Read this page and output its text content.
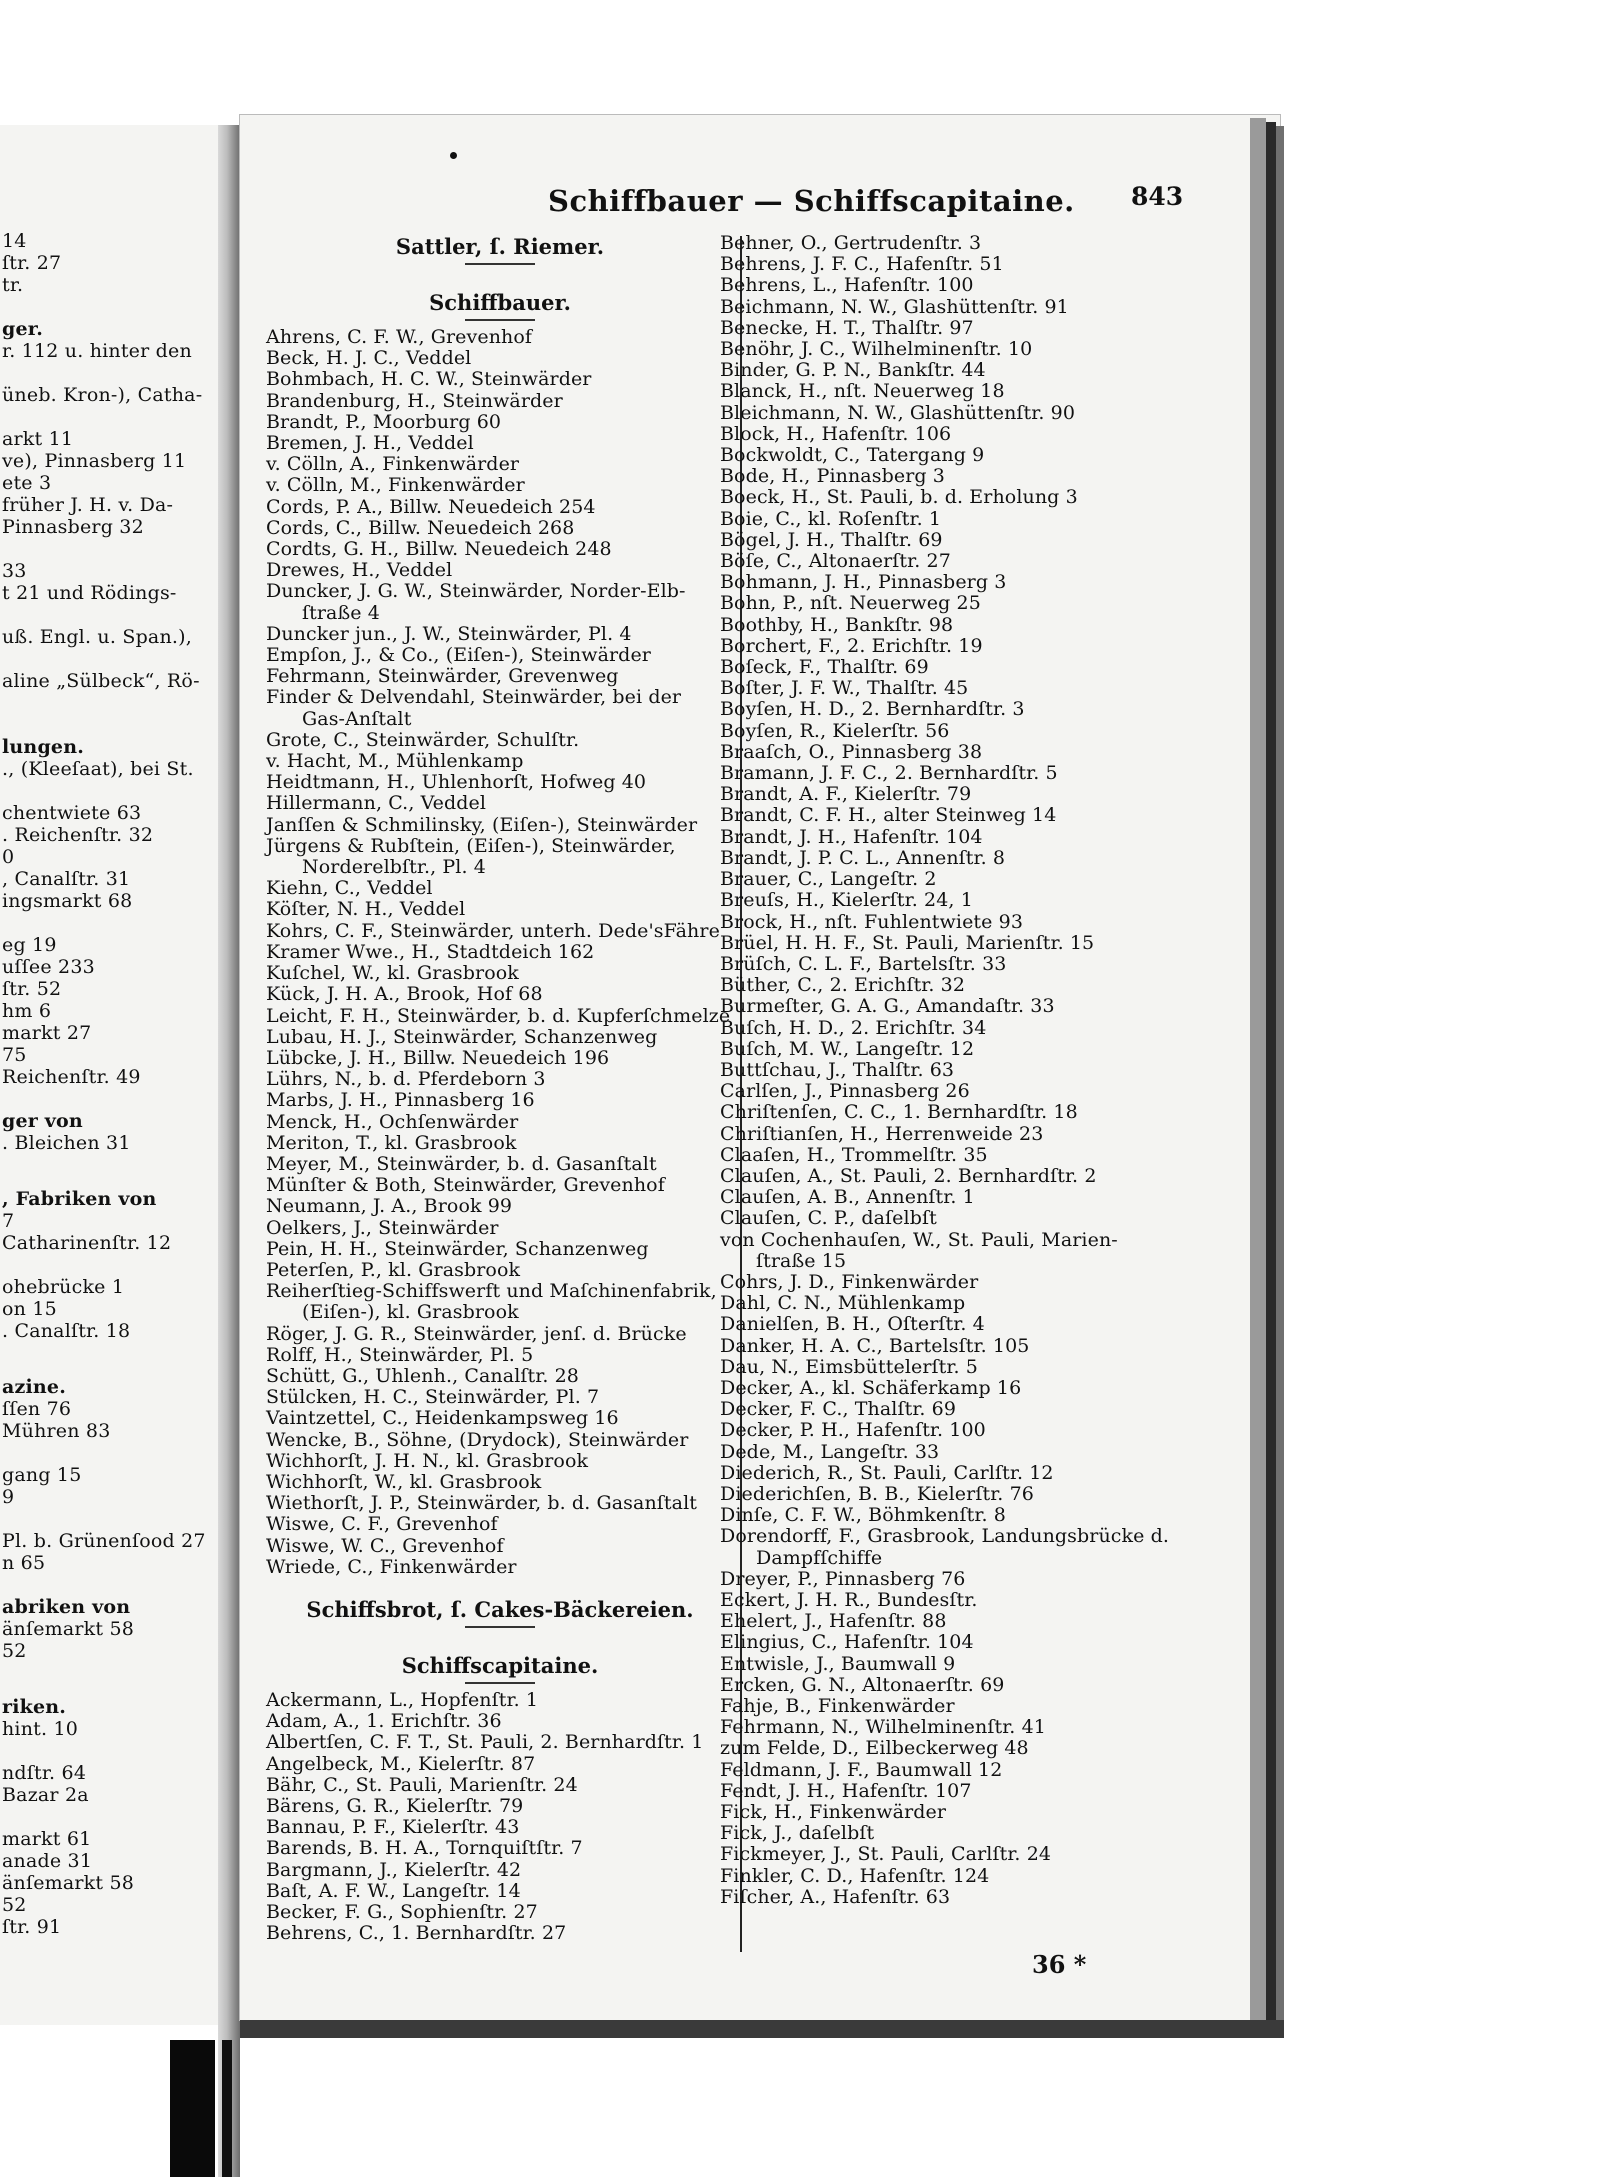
14
ſtr. 27
tr.
ger.
r. 112 u. hinter den
üneb. Kron-), Catha-
arkt 11
ve), Pinnasberg 11
ete 3
früher J. H. v. Da-
Pinnasberg 32
33
t 21 und Rödings-
uß. Engl. u. Span.),
aline „Sülbeck“, Rö-
lungen.
., (Kleeſaat), bei St.
chentwiete 63
. Reichenſtr. 32
0
, Canalſtr. 31
ingsmarkt 68
eg 19
uſſee 233
ſtr. 52
hm 6
markt 27
75
Reichenſtr. 49
ger von
. Bleichen 31
, Fabriken von
7
Catharinenſtr. 12
ohebrücke 1
on 15
. Canalſtr. 18
azine.
ſſen 76
Mühren 83
gang 15
9
Pl. b. Grünenſood 27
n 65
abriken von
änſemarkt 58
52
riken.
hint. 10
ndſtr. 64
Bazar 2a
markt 61
anade 31
änſemarkt 58
52
ſtr. 91
Schiffbauer — Schiffscapitaine. 843
Sattler, ſ. Riemer.
Schiffbauer.
Ahrens, C. F. W., Grevenhof
Beck, H. J. C., Veddel
Bohmbach, H. C. W., Steinwärder
Brandenburg, H., Steinwärder
Brandt, P., Moorburg 60
Bremen, J. H., Veddel
v. Cölln, A., Finkenwärder
v. Cölln, M., Finkenwärder
Cords, P. A., Billw. Neuedeich 254
Cords, C., Billw. Neuedeich 268
Cordts, G. H., Billw. Neuedeich 248
Drewes, H., Veddel
Duncker, J. G. W., Steinwärder, Norder-Elb-
ſtraße 4
Duncker jun., J. W., Steinwärder, Pl. 4
Empſon, J., & Co., (Eiſen-), Steinwärder
Fehrmann, Steinwärder, Grevenweg
Finder & Delvendahl, Steinwärder, bei der
Gas-Anſtalt
Grote, C., Steinwärder, Schulſtr.
v. Hacht, M., Mühlenkamp
Heidtmann, H., Uhlenhorſt, Hofweg 40
Hillermann, C., Veddel
Janſſen & Schmilinsky, (Eiſen-), Steinwärder
Jürgens & Rubſtein, (Eiſen-), Steinwärder,
Norderelbſtr., Pl. 4
Kiehn, C., Veddel
Köſter, N. H., Veddel
Kohrs, C. F., Steinwärder, unterh. Dede'sFähre
Kramer Wwe., H., Stadtdeich 162
Kuſchel, W., kl. Grasbrook
Kück, J. H. A., Brook, Hof 68
Leicht, F. H., Steinwärder, b. d. Kupferſchmelze
Lubau, H. J., Steinwärder, Schanzenweg
Lübcke, J. H., Billw. Neuedeich 196
Lührs, N., b. d. Pferdeborn 3
Marbs, J. H., Pinnasberg 16
Menck, H., Ochſenwärder
Meriton, T., kl. Grasbrook
Meyer, M., Steinwärder, b. d. Gasanſtalt
Münſter & Both, Steinwärder, Grevenhof
Neumann, J. A., Brook 99
Oelkers, J., Steinwärder
Pein, H. H., Steinwärder, Schanzenweg
Peterſen, P., kl. Grasbrook
Reiherſtieg-Schiffswerft und Maſchinenfabrik,
(Eiſen-), kl. Grasbrook
Röger, J. G. R., Steinwärder, jenſ. d. Brücke
Rolff, H., Steinwärder, Pl. 5
Schütt, G., Uhlenh., Canalſtr. 28
Stülcken, H. C., Steinwärder, Pl. 7
Vaintzettel, C., Heidenkampsweg 16
Wencke, B., Söhne, (Drydock), Steinwärder
Wichhorſt, J. H. N., kl. Grasbrook
Wichhorſt, W., kl. Grasbrook
Wiethorſt, J. P., Steinwärder, b. d. Gasanſtalt
Wiswe, C. F., Grevenhof
Wiswe, W. C., Grevenhof
Wriede, C., Finkenwärder
Schiffsbrot, ſ. Cakes-Bäckereien.
Schiffscapitaine.
Ackermann, L., Hopfenſtr. 1
Adam, A., 1. Erichſtr. 36
Albertſen, C. F. T., St. Pauli, 2. Bernhardſtr. 1
Angelbeck, M., Kielerſtr. 87
Bähr, C., St. Pauli, Marienſtr. 24
Bärens, G. R., Kielerſtr. 79
Bannau, P. F., Kielerſtr. 43
Barends, B. H. A., Tornquiſtſtr. 7
Bargmann, J., Kielerſtr. 42
Baſt, A. F. W., Langeſtr. 14
Becker, F. G., Sophienſtr. 27
Behrens, C., 1. Bernhardſtr. 27
Behner, O., Gertrudenſtr. 3
Behrens, J. F. C., Hafenſtr. 51
Behrens, L., Hafenſtr. 100
Beichmann, N. W., Glashüttenſtr. 91
Benecke, H. T., Thalſtr. 97
Benöhr, J. C., Wilhelminenſtr. 10
Binder, G. P. N., Bankſtr. 44
Blanck, H., nſt. Neuerweg 18
Bleichmann, N. W., Glashüttenſtr. 90
Block, H., Hafenſtr. 106
Bockwoldt, C., Tatergang 9
Bode, H., Pinnasberg 3
Boeck, H., St. Pauli, b. d. Erholung 3
Boie, C., kl. Roſenſtr. 1
Bögel, J. H., Thalſtr. 69
Böſe, C., Altonaerſtr. 27
Bohmann, J. H., Pinnasberg 3
Bohn, P., nſt. Neuerweg 25
Boothby, H., Bankſtr. 98
Borchert, F., 2. Erichſtr. 19
Boſeck, F., Thalſtr. 69
Boſter, J. F. W., Thalſtr. 45
Boyſen, H. D., 2. Bernhardſtr. 3
Boyſen, R., Kielerſtr. 56
Braaſch, O., Pinnasberg 38
Bramann, J. F. C., 2. Bernhardſtr. 5
Brandt, A. F., Kielerſtr. 79
Brandt, C. F. H., alter Steinweg 14
Brandt, J. H., Hafenſtr. 104
Brandt, J. P. C. L., Annenſtr. 8
Brauer, C., Langeſtr. 2
Breuſs, H., Kielerſtr. 24, 1
Brock, H., nſt. Fuhlentwiete 93
Brüel, H. H. F., St. Pauli, Marienſtr. 15
Brüſch, C. L. F., Bartelsſtr. 33
Büther, C., 2. Erichſtr. 32
Burmeſter, G. A. G., Amandaſtr. 33
Buſch, H. D., 2. Erichſtr. 34
Buſch, M. W., Langeſtr. 12
Buttſchau, J., Thalſtr. 63
Carlſen, J., Pinnasberg 26
Chriſtenſen, C. C., 1. Bernhardſtr. 18
Chriſtianſen, H., Herrenweide 23
Claaſen, H., Trommelſtr. 35
Clauſen, A., St. Pauli, 2. Bernhardſtr. 2
Clauſen, A. B., Annenſtr. 1
Clauſen, C. P., daſelbſt
von Cochenhauſen, W., St. Pauli, Marien-
ſtraße 15
Cohrs, J. D., Finkenwärder
Dahl, C. N., Mühlenkamp
Danielſen, B. H., Oſterſtr. 4
Danker, H. A. C., Bartelsſtr. 105
Dau, N., Eimsbüttelerſtr. 5
Decker, A., kl. Schäferkamp 16
Decker, F. C., Thalſtr. 69
Decker, P. H., Hafenſtr. 100
Dede, M., Langeſtr. 33
Diederich, R., St. Pauli, Carlſtr. 12
Diederichſen, B. B., Kielerſtr. 76
Dinſe, C. F. W., Böhmkenſtr. 8
Dorendorff, F., Grasbrook, Landungsbrücke d.
Dampfſchiffe
Dreyer, P., Pinnasberg 76
Eckert, J. H. R., Bundesſtr.
Ehelert, J., Hafenſtr. 88
Elingius, C., Hafenſtr. 104
Entwisle, J., Baumwall 9
Ercken, G. N., Altonaerſtr. 69
Fahje, B., Finkenwärder
Fehrmann, N., Wilhelminenſtr. 41
zum Felde, D., Eilbeckerweg 48
Feldmann, J. F., Baumwall 12
Fendt, J. H., Hafenſtr. 107
Fick, H., Finkenwärder
Fick, J., daſelbſt
Fickmeyer, J., St. Pauli, Carlſtr. 24
Finkler, C. D., Hafenſtr. 124
Fiſcher, A., Hafenſtr. 63
36 *
